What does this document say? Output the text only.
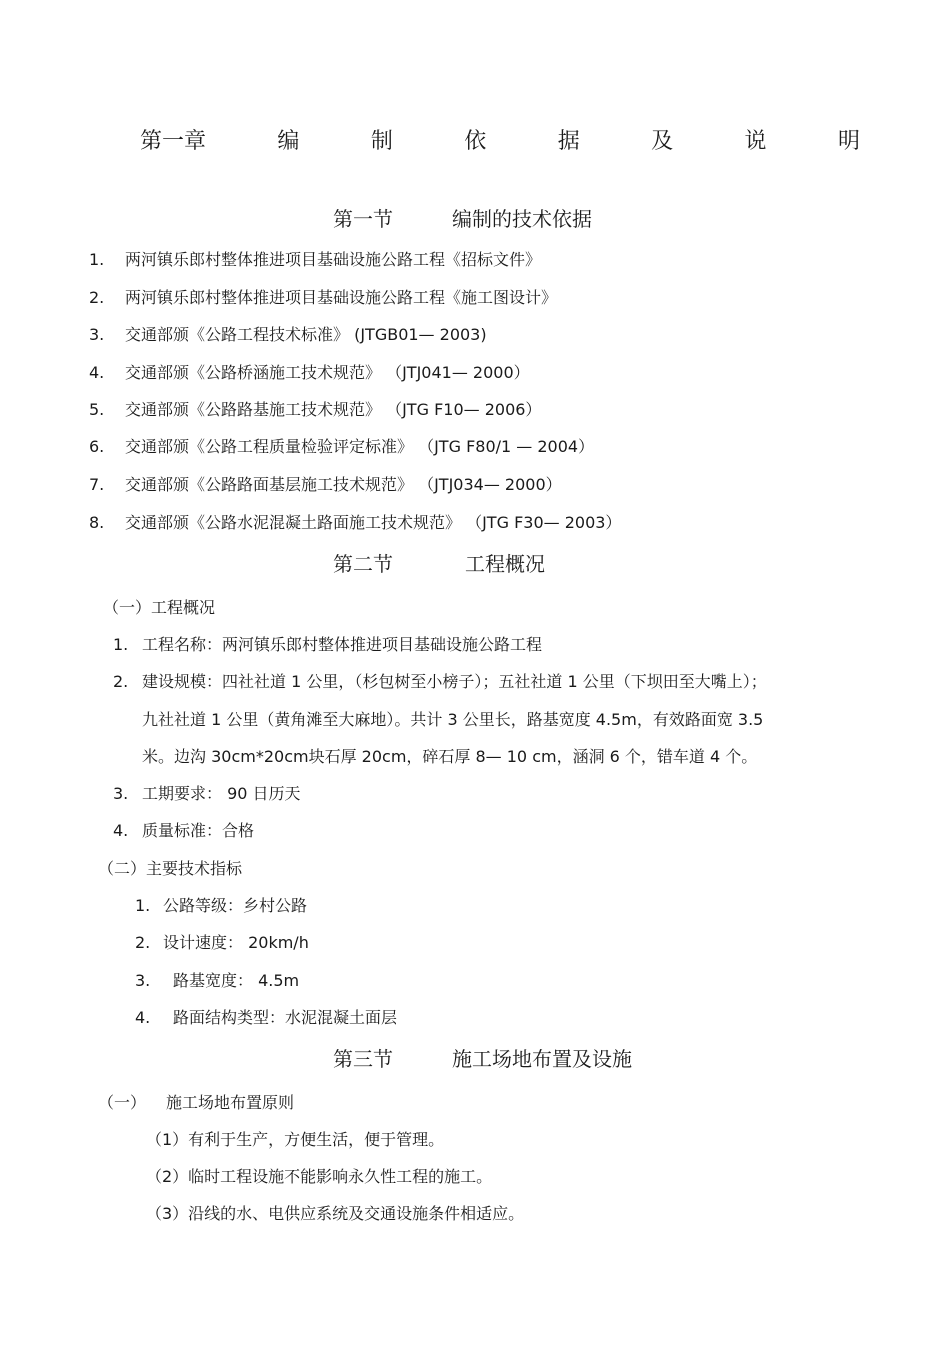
第一章	编	制	依	据	及	说	明
第一节	编制的技术依据
1. 两河镇乐郎村整体推进项目基础设施公路工程《招标文件》
2. 两河镇乐郎村整体推进项目基础设施公路工程《施工图设计》
3. 交通部颁《公路工程技术标准》 (JTGB01— 2003)
4. 交通部颁《公路桥涵施工技术规范》 （JTJ041— 2000）
5. 交通部颁《公路路基施工技术规范》 （JTG F10— 2006）
6. 交通部颁《公路工程质量检验评定标准》 （JTG F80/1 — 2004）
7. 交通部颁《公路路面基层施工技术规范》 （JTJ034— 2000）
8. 交通部颁《公路水泥混凝土路面施工技术规范》 （JTG F30— 2003）
第二节	工程概况
（一）工程概况
1. 工程名称：两河镇乐郎村整体推进项目基础设施公路工程
2. 建设规模：四社社道 1 公里，（杉包树至小榜子）；五社社道 1 公里（下坝田至大嘴上）；
九社社道 1 公里（黄角滩至大麻地）。共计 3 公里长，路基宽度 4.5m，有效路面宽 3.5
米。边沟 30cm*20cm块石厚 20cm，碎石厚 8— 10 cm，涵洞 6 个，错车道 4 个。
3. 工期要求： 90 日历天
4. 质量标准：合格
（二）主要技术指标
1. 公路等级：乡村公路
2. 设计速度： 20km/h
3. 路基宽度： 4.5m
4. 路面结构类型：水泥混凝土面层
第三节	施工场地布置及设施
（一） 施工场地布置原则
（1）有利于生产，方便生活，便于管理。
（2）临时工程设施不能影响永久性工程的施工。
（3）沿线的水、电供应系统及交通设施条件相适应。
